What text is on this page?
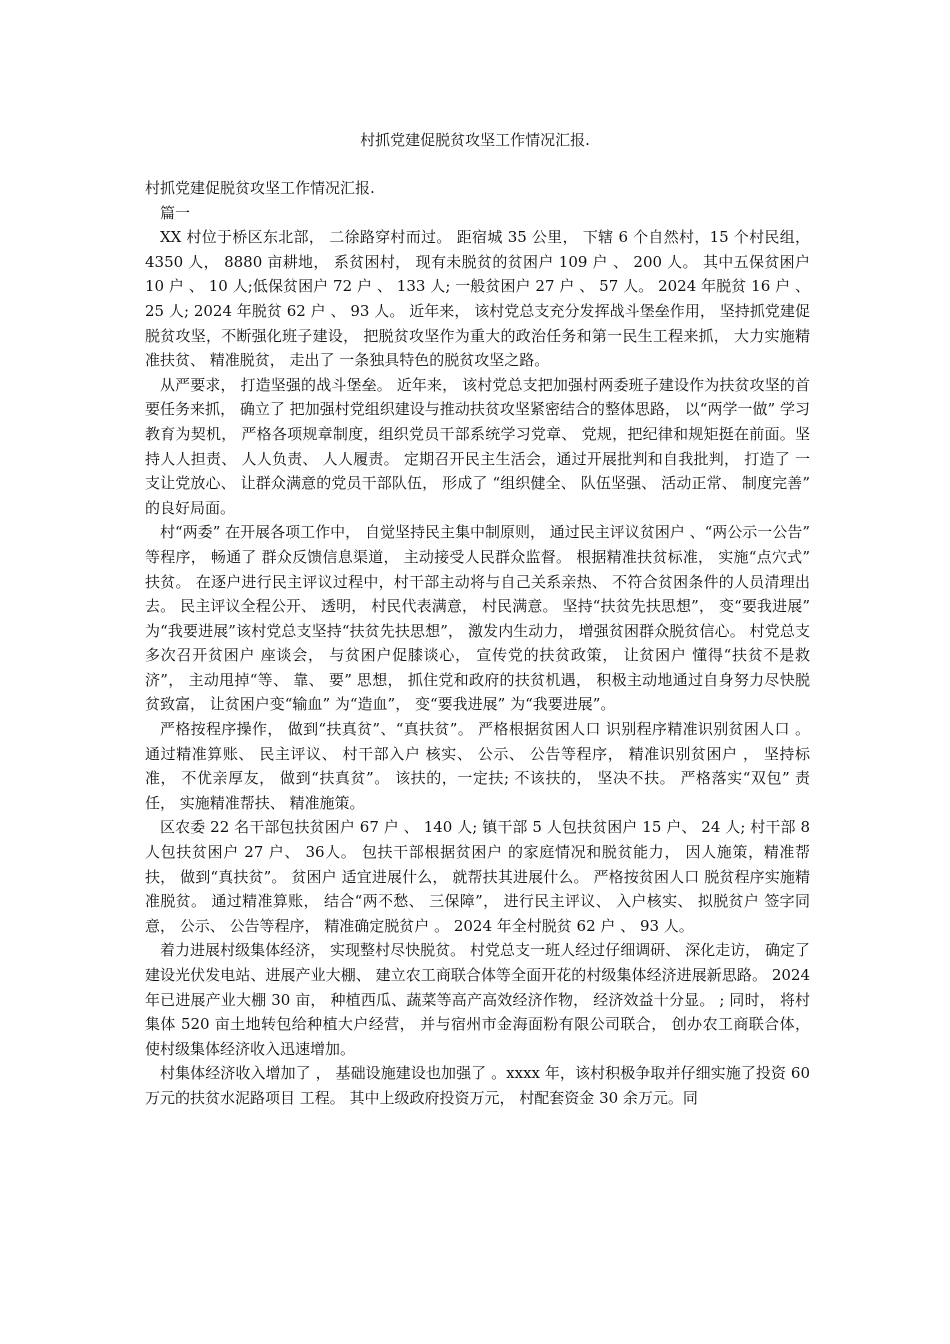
村抓党建促脱贫攻坚工作情况汇报.

村抓党建促脱贫攻坚工作情况汇报.

篇一

XX 村位于桥区东北部， 二徐路穿村而过。 距宿城 35 公里， 下辖 6 个自然村，15 个村民组， 4350 人， 8880 亩耕地， 系贫困村， 现有未脱贫的贫困户 109 户 、 200 人。 其中五保贫困户 10 户 、 10 人;低保贫困户 72 户 、 133 人; 一般贫困户 27 户 、 57 人。 2024 年脱贫 16 户 、 25 人; 2024 年脱贫 62 户 、 93 人。 近年来， 该村党总支充分发挥战斗堡垒作用， 坚持抓党建促脱贫攻坚，不断强化班子建设， 把脱贫攻坚作为重大的政治任务和第一民生工程来抓， 大力实施精准扶贫、 精准脱贫， 走出了 一条独具特色的脱贫攻坚之路。

从严要求， 打造坚强的战斗堡垒。 近年来， 该村党总支把加强村两委班子建设作为扶贫攻坚的首要任务来抓， 确立了 把加强村党组织建设与推动扶贫攻坚紧密结合的整体思路， 以“两学一做” 学习 教育为契机， 严格各项规章制度，组织党员干部系统学习党章、 党规，把纪律和规矩挺在前面。坚持人人担责、 人人负责、 人人履责。 定期召开民主生活会，通过开展批判和自我批判， 打造了 一支让党放心、 让群众满意的党员干部队伍， 形成了 “组织健全、 队伍坚强、 活动正常、 制度完善” 的良好局面。

村“两委” 在开展各项工作中， 自觉坚持民主集中制原则， 通过民主评议贫困户 、“两公示一公告” 等程序， 畅通了 群众反馈信息渠道， 主动接受人民群众监督。 根据精准扶贫标准， 实施“点穴式” 扶贫。 在逐户进行民主评议过程中，村干部主动将与自己关系亲热、 不符合贫困条件的人员清理出去。 民主评议全程公开、 透明， 村民代表满意， 村民满意。 坚持“扶贫先扶思想”， 变“要我进展” 为“我要进展”该村党总支坚持“扶贫先扶思想”， 激发内生动力， 增强贫困群众脱贫信心。 村党总支多次召开贫困户 座谈会， 与贫困户促膝谈心， 宣传党的扶贫政策， 让贫困户 懂得“扶贫不是救济”， 主动甩掉“等、 靠、 要” 思想， 抓住党和政府的扶贫机遇， 积极主动地通过自身努力尽快脱贫致富， 让贫困户变“输血” 为“造血”， 变“要我进展” 为“我要进展”。

严格按程序操作， 做到“扶真贫”、“真扶贫”。 严格根据贫困人口 识别程序精准识别贫困人口 。 通过精准算账、 民主评议、 村干部入户 核实、 公示、 公告等程序， 精准识别贫困户 ， 坚持标准， 不优亲厚友， 做到“扶真贫”。 该扶的，一定扶; 不该扶的， 坚决不扶。 严格落实“双包” 责任， 实施精准帮扶、 精准施策。

区农委 22 名干部包扶贫困户 67 户 、 140 人; 镇干部 5 人包扶贫困户 15 户、 24 人; 村干部 8 人包扶贫困户 27 户、 36人。 包扶干部根据贫困户 的家庭情况和脱贫能力， 因人施策，精准帮扶， 做到“真扶贫”。 贫困户 适宜进展什么， 就帮扶其进展什么。 严格按贫困人口 脱贫程序实施精准脱贫。 通过精准算账， 结合“两不愁、 三保障”， 进行民主评议、 入户核实、 拟脱贫户 签字同意， 公示、 公告等程序， 精准确定脱贫户 。 2024 年全村脱贫 62 户 、 93 人。

着力进展村级集体经济， 实现整村尽快脱贫。 村党总支一班人经过仔细调研、 深化走访， 确定了 建设光伏发电站、进展产业大棚、 建立农工商联合体等全面开花的村级集体经济进展新思路。 2024 年已进展产业大棚 30 亩， 种植西瓜、蔬菜等高产高效经济作物， 经济效益十分显。 ; 同时， 将村集体 520 亩土地转包给种植大户经营， 并与宿州市金海面粉有限公司联合， 创办农工商联合体， 使村级集体经济收入迅速增加。

村集体经济收入增加了 ， 基础设施建设也加强了 。xxxx 年，该村积极争取并仔细实施了投资 60 万元的扶贫水泥路项目 工程。 其中上级政府投资万元， 村配套资金 30 余万元。同
